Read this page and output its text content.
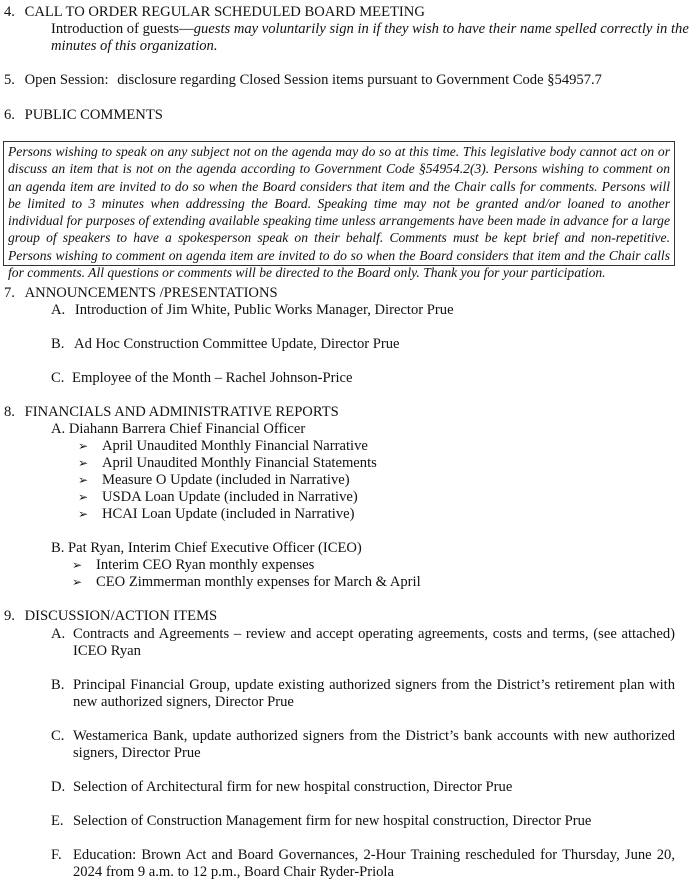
4. CALL TO ORDER REGULAR SCHEDULED BOARD MEETING
Introduction of guests—guests may voluntarily sign in if they wish to have their name spelled correctly in the
minutes of this organization.
5. Open Session: disclosure regarding Closed Session items pursuant to Government Code §54957.7
6. PUBLIC COMMENTS
Persons wishing to speak on any subject not on the agenda may do so at this time. This legislative body cannot act on or discuss an item that is not on the agenda according to Government Code §54954.2(3). Persons wishing to comment on an agenda item are invited to do so when the Board considers that item and the Chair calls for comments. Persons will be limited to 3 minutes when addressing the Board. Speaking time may not be granted and/or loaned to another individual for purposes of extending available speaking time unless arrangements have been made in advance for a large group of speakers to have a spokesperson speak on their behalf. Comments must be kept brief and non-repetitive. Persons wishing to comment on agenda item are invited to do so when the Board considers that item and the Chair calls for comments. All questions or comments will be directed to the Board only. Thank you for your participation.
7. ANNOUNCEMENTS /PRESENTATIONS
A. Introduction of Jim White, Public Works Manager, Director Prue
B. Ad Hoc Construction Committee Update, Director Prue
C. Employee of the Month – Rachel Johnson-Price
8. FINANCIALS AND ADMINISTRATIVE REPORTS
A. Diahann Barrera Chief Financial Officer
➢ April Unaudited Monthly Financial Narrative
➢ April Unaudited Monthly Financial Statements
➢ Measure O Update (included in Narrative)
➢ USDA Loan Update (included in Narrative)
➢ HCAI Loan Update (included in Narrative)
B. Pat Ryan, Interim Chief Executive Officer (ICEO)
➢ Interim CEO Ryan monthly expenses
➢ CEO Zimmerman monthly expenses for March & April
9. DISCUSSION/ACTION ITEMS
A. Contracts and Agreements – review and accept operating agreements, costs and terms, (see attached) ICEO Ryan
B. Principal Financial Group, update existing authorized signers from the District’s retirement plan with new authorized signers, Director Prue
C. Westamerica Bank, update authorized signers from the District’s bank accounts with new authorized signers, Director Prue
D. Selection of Architectural firm for new hospital construction, Director Prue
E. Selection of Construction Management firm for new hospital construction, Director Prue
F. Education: Brown Act and Board Governances, 2-Hour Training rescheduled for Thursday, June 20, 2024 from 9 a.m. to 12 p.m., Board Chair Ryder-Priola
